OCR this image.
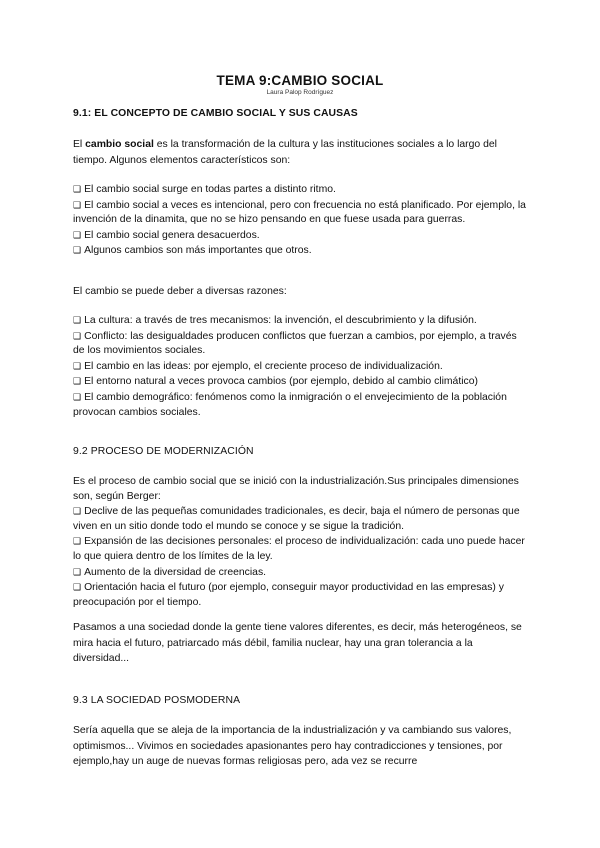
TEMA 9:CAMBIO SOCIAL
Laura Palop Rodríguez
9.1: EL CONCEPTO DE CAMBIO SOCIAL Y SUS CAUSAS
El cambio social es la transformación de la cultura y las instituciones sociales a lo largo del tiempo. Algunos elementos característicos son:
❑ El cambio social surge en todas partes a distinto ritmo.
❑ El cambio social a veces es intencional, pero con frecuencia no está planificado. Por ejemplo, la invención de la dinamita, que no se hizo pensando en que fuese usada para guerras.
❑ El cambio social genera desacuerdos.
❑ Algunos cambios son más importantes que otros.
El cambio se puede deber a diversas razones:
❑ La cultura: a través de tres mecanismos: la invención, el descubrimiento y la difusión.
❑ Conflicto: las desigualdades producen conflictos que fuerzan a cambios, por ejemplo, a través de los movimientos sociales.
❑ El cambio en las ideas: por ejemplo, el creciente proceso de individualización.
❑ El entorno natural a veces provoca cambios (por ejemplo, debido al cambio climático)
❑ El cambio demográfico: fenómenos como la inmigración o el envejecimiento de la población provocan cambios sociales.
9.2 PROCESO DE MODERNIZACIÓN
Es el proceso de cambio social que se inició con la industrialización.Sus principales dimensiones son, según Berger:
❑ Declive de las pequeñas comunidades tradicionales, es decir, baja el número de personas que viven en un sitio donde todo el mundo se conoce y se sigue la tradición.
❑ Expansión de las decisiones personales: el proceso de individualización: cada uno puede hacer lo que quiera dentro de los límites de la ley.
❑ Aumento de la diversidad de creencias.
❑ Orientación hacia el futuro (por ejemplo, conseguir mayor productividad en las empresas) y preocupación por el tiempo.
Pasamos a una sociedad donde la gente tiene valores diferentes, es decir, más heterogéneos, se mira hacia el futuro, patriarcado más débil, familia nuclear, hay una gran tolerancia a la diversidad...
9.3 LA SOCIEDAD POSMODERNA
Sería aquella que se aleja de la importancia de la industrialización y va cambiando sus valores, optimismos... Vivimos en sociedades apasionantes pero hay contradicciones y tensiones, por ejemplo,hay un auge de nuevas formas religiosas pero, ada vez se recurre
